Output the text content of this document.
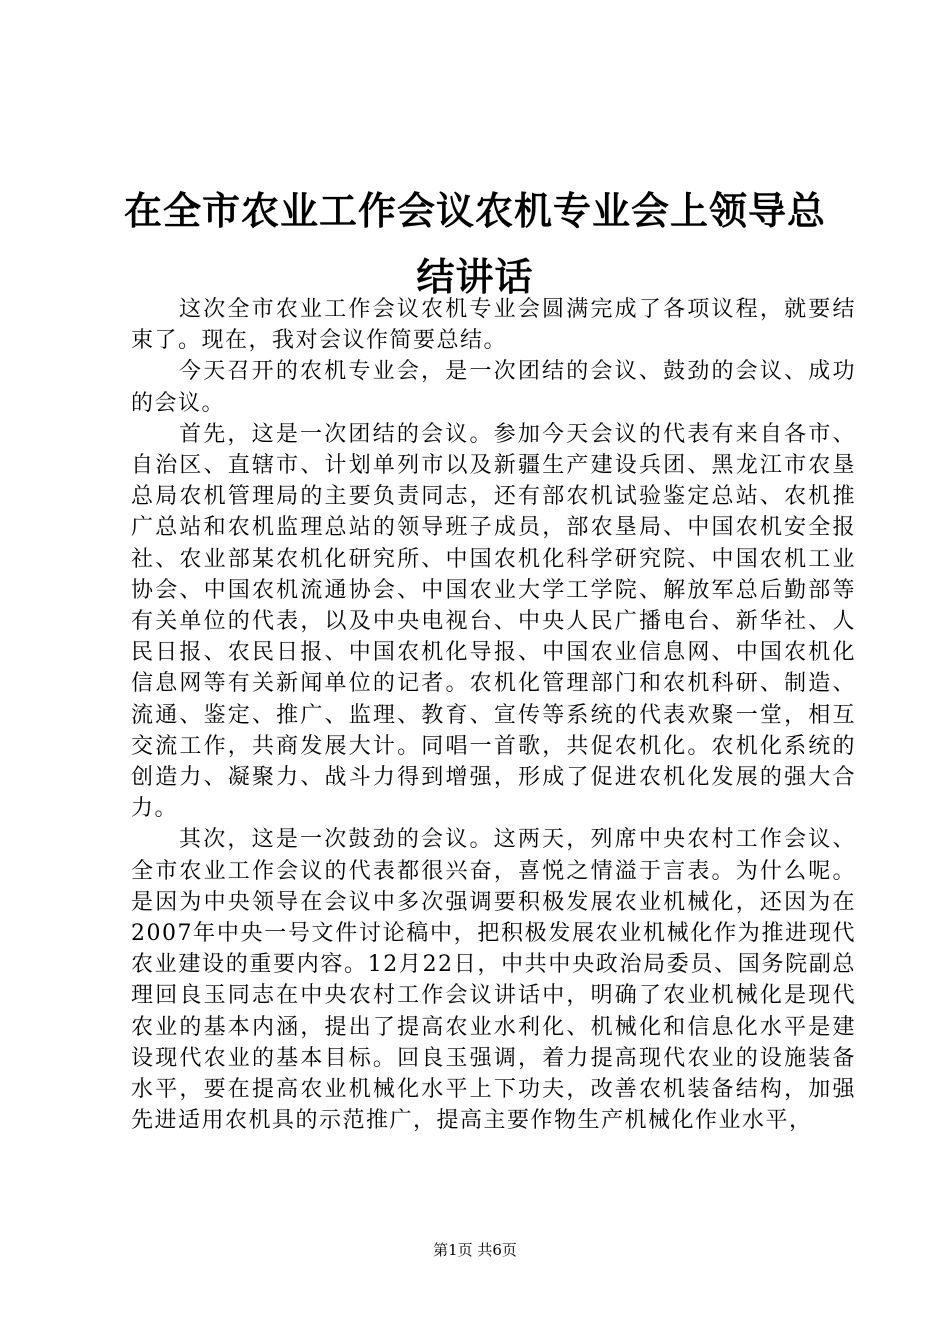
在全市农业工作会议农机专业会上领导总结讲话

这次全市农业工作会议农机专业会圆满完成了各项议程，就要结束了。现在，我对会议作简要总结。

今天召开的农机专业会，是一次团结的会议、鼓劲的会议、成功的会议。

首先，这是一次团结的会议。参加今天会议的代表有来自各市、自治区、直辖市、计划单列市以及新疆生产建设兵团、黑龙江市农垦总局农机管理局的主要负责同志，还有部农机试验鉴定总站、农机推广总站和农机监理总站的领导班子成员，部农垦局、中国农机安全报社、农业部某农机化研究所、中国农机化科学研究院、中国农机工业协会、中国农机流通协会、中国农业大学工学院、解放军总后勤部等有关单位的代表，以及中央电视台、中央人民广播电台、新华社、人民日报、农民日报、中国农机化导报、中国农业信息网、中国农机化信息网等有关新闻单位的记者。农机化管理部门和农机科研、制造、流通、鉴定、推广、监理、教育、宣传等系统的代表欢聚一堂，相互交流工作，共商发展大计。同唱一首歌，共促农机化。农机化系统的创造力、凝聚力、战斗力得到增强，形成了促进农机化发展的强大合力。

其次，这是一次鼓劲的会议。这两天，列席中央农村工作会议、全市农业工作会议的代表都很兴奋，喜悦之情溢于言表。为什么呢。是因为中央领导在会议中多次强调要积极发展农业机械化，还因为在2007年中央一号文件讨论稿中，把积极发展农业机械化作为推进现代农业建设的重要内容。12月22日，中共中央政治局委员、国务院副总理回良玉同志在中央农村工作会议讲话中，明确了农业机械化是现代农业的基本内涵，提出了提高农业水利化、机械化和信息化水平是建设现代农业的基本目标。回良玉强调，着力提高现代农业的设施装备水平，要在提高农业机械化水平上下功夫，改善农机装备结构，加强先进适用农机具的示范推广，提高主要作物生产机械化作业水平，

第1页 共6页
